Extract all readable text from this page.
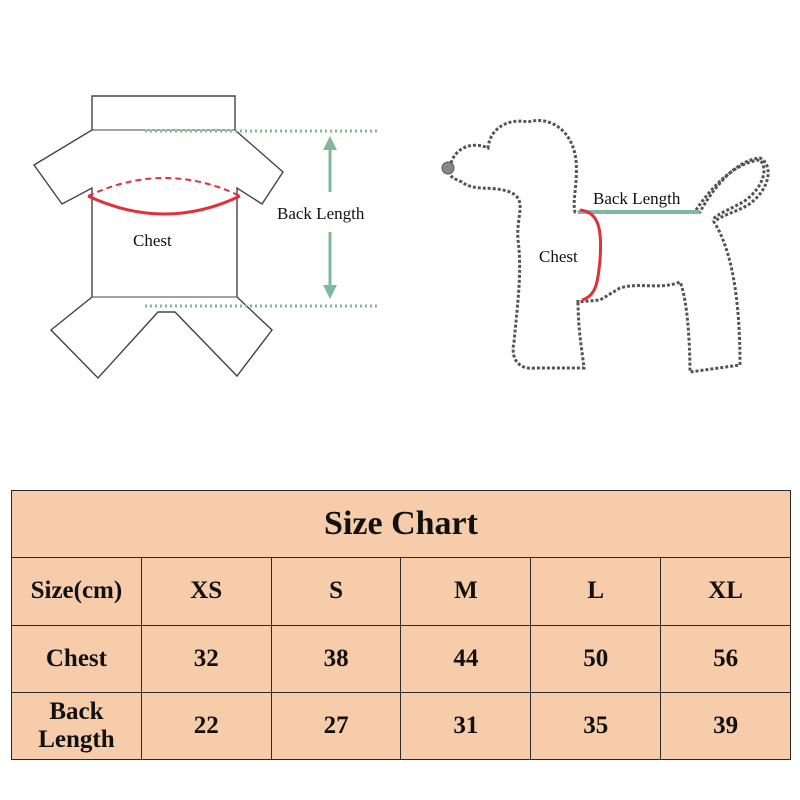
Back Length
Chest
Back Length
Chest
Size Chart					
Size(cm)	XS	S	M	L	XL
Chest	32	38	44	50	56
Back Length	22	27	31	35	39
